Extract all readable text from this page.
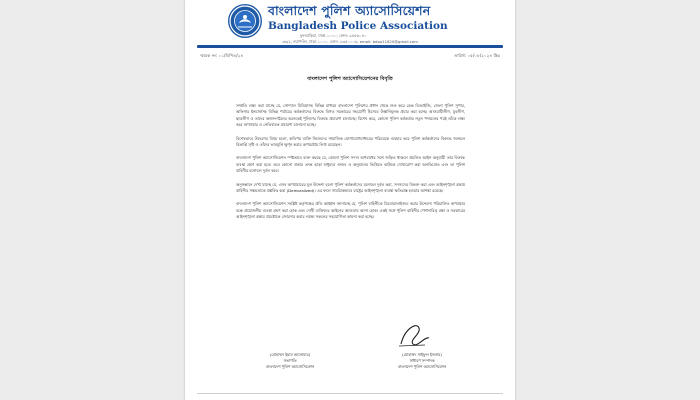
বাংলাদেশ পুলিশ অ্যাসোসিয়েশন
Bangladesh Police Association
ফুলবাড়িয়া, ঢাকা-১০০০, ফোন: ৯৫৫৬০৪০
৩৬/২, নয়াপল্টন, ঢাকা-১০০০, ফোন: ৯৩৫০০০৬, email: bdpa11620@gmail.com
স্মারক নং: ০১/বিপিএ/২৪	তারিখ: ০৫/০৮/২০২৪ খ্রিঃ
বাংলাদেশ পুলিশ অ্যাসোসিয়েশনের বিবৃতি

সম্প্রতি লক্ষ্য করা যাচ্ছে যে, সোশ্যাল মিডিয়াসহ বিভিন্ন মাধ্যমে বাংলাদেশ পুলিশের প্রধান থেকে শুরু করে রেঞ্জ ডিআইজি, জেলা পুলিশ সুপার, অফিসার ইনচার্জসহ বিভিন্ন পর্যায়ের কর্মকর্তাদের বিরুদ্ধে বিগত সরকারের সহযোগী হিসেবে উস্কানিমূলক প্রচার করা হচ্ছে। আওয়ামীলীগ, যুবলীগ, ছাত্রলীগ ও তাদের অঙ্গসংগঠনের অনেকেই পুলিশের বিরুদ্ধে প্রচারণা চালাচ্ছে। বিশেষ করে, কোনো পুলিশ কর্মকর্তার নতুন পদায়নের পরই তাঁকে লক্ষ্য করে অপপ্রচার ও নেতিবাচক প্রচারণা চালানো হচ্ছে।

বিশেষভাবে উদ্বেগের বিষয় হলো, কতিপয় ব্যক্তি নিজেদের সামাজিক যোগাযোগমাধ্যমের পরিচয়কে ব্যবহার করে পুলিশ কর্মকর্তাদের বিরুদ্ধে জনমনে বিভ্রান্তি সৃষ্টি ও তাঁদের ভাবমূর্তি ক্ষুণ্ন করার অপচেষ্টায় লিপ্ত রয়েছেন।

বাংলাদেশ পুলিশ অ্যাসোসিয়েশন স্পষ্টভাবে ব্যক্ত করছে যে, কোনো পুলিশ সদস্য অপরাধের সঙ্গে জড়িত থাকলে প্রচলিত আইন অনুযায়ী তার বিরুদ্ধে ব্যবস্থা গ্রহণ করা হবে। তবে কোনো প্রকার তদন্ত ছাড়া শুধুমাত্র গুজব ও অনুমানের ভিত্তিতে কাউকে দোষারোপ করা অনভিপ্রেত এবং তা পুলিশ বাহিনীর মনোবল দুর্বল করে।

অনুসন্ধানে দেখা যাচ্ছে যে, এসব অপপ্রচারের মূল উদ্দেশ্য হলো পুলিশ কর্মকর্তাদের মনোবল দুর্বল করা, সদস্যদের বিভক্ত করা এবং আইনশৃঙ্খলা রক্ষায় বাহিনীর সক্ষমতাকে প্রশ্নবিদ্ধ করা (Demoralized)। এর ফলে সামগ্রিকভাবে রাষ্ট্রের আইনশৃঙ্খলা ব্যবস্থা ক্ষতিগ্রস্ত হওয়ার আশঙ্কা রয়েছে।

বাংলাদেশ পুলিশ অ্যাসোসিয়েশন সংশ্লিষ্ট কর্তৃপক্ষের প্রতি আহ্বান জানাচ্ছে যে, পুলিশ বাহিনীকে ডিমোরালাইজড করার উদ্দেশ্যে পরিচালিত অপপ্রচার বন্ধে প্রয়োজনীয় ব্যবস্থা গ্রহণ করা হোক এবং দোষী ব্যক্তিদের আইনের আওতায় আনা হোক। একই সঙ্গে পুলিশ বাহিনীর পেশাদারিত্ব রক্ষা ও সরকারের আইনশৃঙ্খলা রক্ষার প্রচেষ্টাকে জোরদার করার লক্ষ্যে সকলের সহযোগিতা কামনা করা হচ্ছে।

(মোহাম্মদ ইমাম আনোয়ার)
সভাপতি
বাংলাদেশ পুলিশ অ্যাসোসিয়েশন
(মোহাম্মদ সাইফুল ইসলাম)
সাধারণ সম্পাদক
বাংলাদেশ পুলিশ অ্যাসোসিয়েশন
